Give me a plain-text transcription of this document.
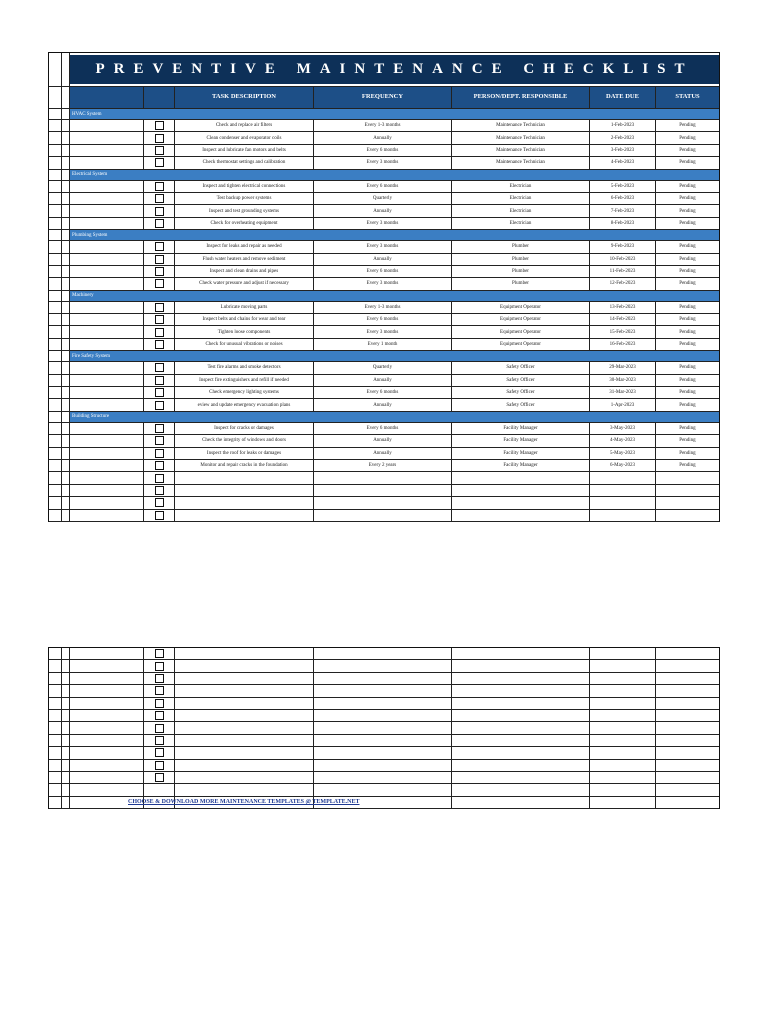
PREVENTIVE MAINTENANCE CHECKLIST
TASK DESCRIPTION	FREQUENCY	PERSON/DEPT. RESPONSIBLE	DATE DUE	STATUS
HVAC System
Check and replace air filters	Every 1-3 months	Maintenance Technician	1-Feb-2023	Pending
Clean condenser and evaporator coils	Annually	Maintenance Technician	2-Feb-2023	Pending
Inspect and lubricate fan motors and belts	Every 6 months	Maintenance Technician	3-Feb-2023	Pending
Check thermostat settings and calibration	Every 3 months	Maintenance Technician	4-Feb-2023	Pending
Electrical System
Inspect and tighten electrical connections	Every 6 months	Electrician	5-Feb-2023	Pending
Test backup power systems	Quarterly	Electrician	6-Feb-2023	Pending
Inspect and test grounding systems	Annually	Electrician	7-Feb-2023	Pending
Check for overheating equipment	Every 3 months	Electrician	8-Feb-2023	Pending
Plumbing System
Inspect for leaks and repair as needed	Every 3 months	Plumber	9-Feb-2023	Pending
Flush water heaters and remove sediment	Annually	Plumber	10-Feb-2023	Pending
Inspect and clean drains and pipes	Every 6 months	Plumber	11-Feb-2023	Pending
Check water pressure and adjust if necessary	Every 3 months	Plumber	12-Feb-2023	Pending
Machinery
Lubricate moving parts	Every 1-3 months	Equipment Operator	13-Feb-2023	Pending
Inspect belts and chains for wear and tear	Every 6 months	Equipment Operator	14-Feb-2023	Pending
Tighten loose components	Every 3 months	Equipment Operator	15-Feb-2023	Pending
Check for unusual vibrations or noises	Every 1 month	Equipment Operator	16-Feb-2023	Pending
Fire Safety System
Test fire alarms and smoke detectors	Quarterly	Safety Officer	29-Mar-2023	Pending
Inspect fire extinguishers and refill if needed	Annually	Safety Officer	30-Mar-2023	Pending
Check emergency lighting systems	Every 6 months	Safety Officer	31-Mar-2023	Pending
eview and update emergency evacuation plans	Annually	Safety Officer	1-Apr-2023	Pending
Building Structure
Inspect for cracks or damages	Every 6 months	Facility Manager	3-May-2023	Pending
Check the integrity of windows and doors	Annually	Facility Manager	4-May-2023	Pending
Inspect the roof for leaks or damages	Annually	Facility Manager	5-May-2023	Pending
Monitor and repair cracks in the foundation	Every 2 years	Facility Manager	6-May-2023	Pending
CHOOSE & DOWNLOAD MORE MAINTENANCE TEMPLATES @ TEMPLATE.NET
